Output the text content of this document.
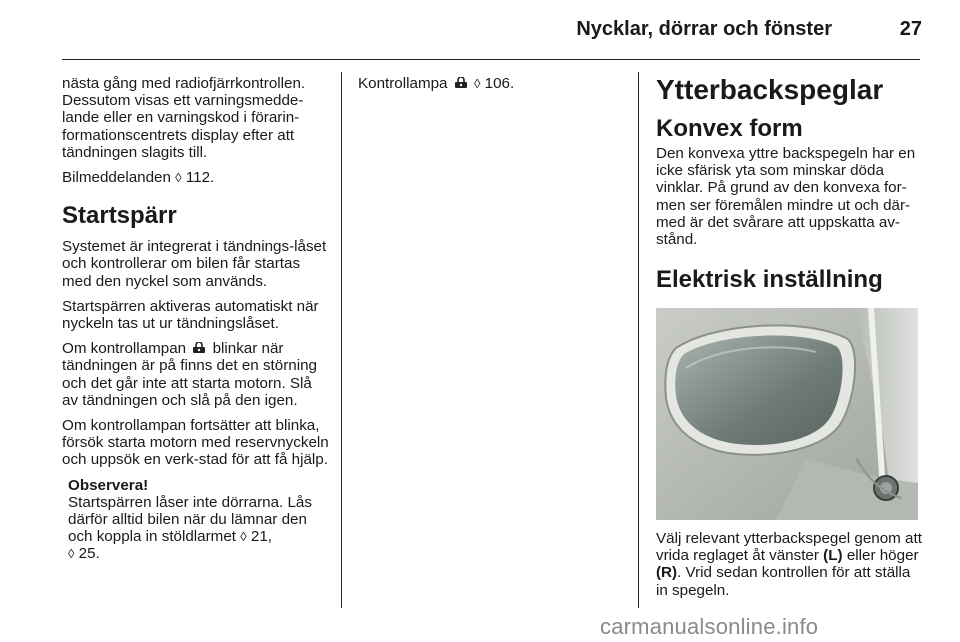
Nycklar, dörrar och fönster	27

nästa gång med radiofjärrkontrollen. Dessutom visas ett varningsmedde-lande eller en varningskod i förarin-formationscentrets display efter att tändningen slagits till.

Bilmeddelanden ◊ 112.

Startspärr

Systemet är integrerat i tändnings-låset och kontrollerar om bilen får startas med den nyckel som används.

Startspärren aktiveras automatiskt när nyckeln tas ut ur tändningslåset.

Om kontrollampan blinkar när tändningen är på finns det en störning och det går inte att starta motorn. Slå av tändningen och slå på den igen.

Om kontrollampan fortsätter att blinka, försök starta motorn med reservnyckeln och uppsök en verk-stad för att få hjälp.

Observera!
Startspärren låser inte dörrarna. Lås därför alltid bilen när du lämnar den och koppla in stöldlarmet ◊ 21,
◊ 25.

Kontrollampa ◊ 106.	Ytterbackspeglar
Konvex form

Den konvexa yttre backspegeln har en icke sfärisk yta som minskar döda vinklar. På grund av den konvexa for-men ser föremålen mindre ut och där-med är det svårare att uppskatta av-stånd.

Elektrisk inställning

Välj relevant ytterbackspegel genom att vrida reglaget åt vänster (L) eller höger (R). Vrid sedan kontrollen för att ställa in spegeln.

carmanualsonline.info
